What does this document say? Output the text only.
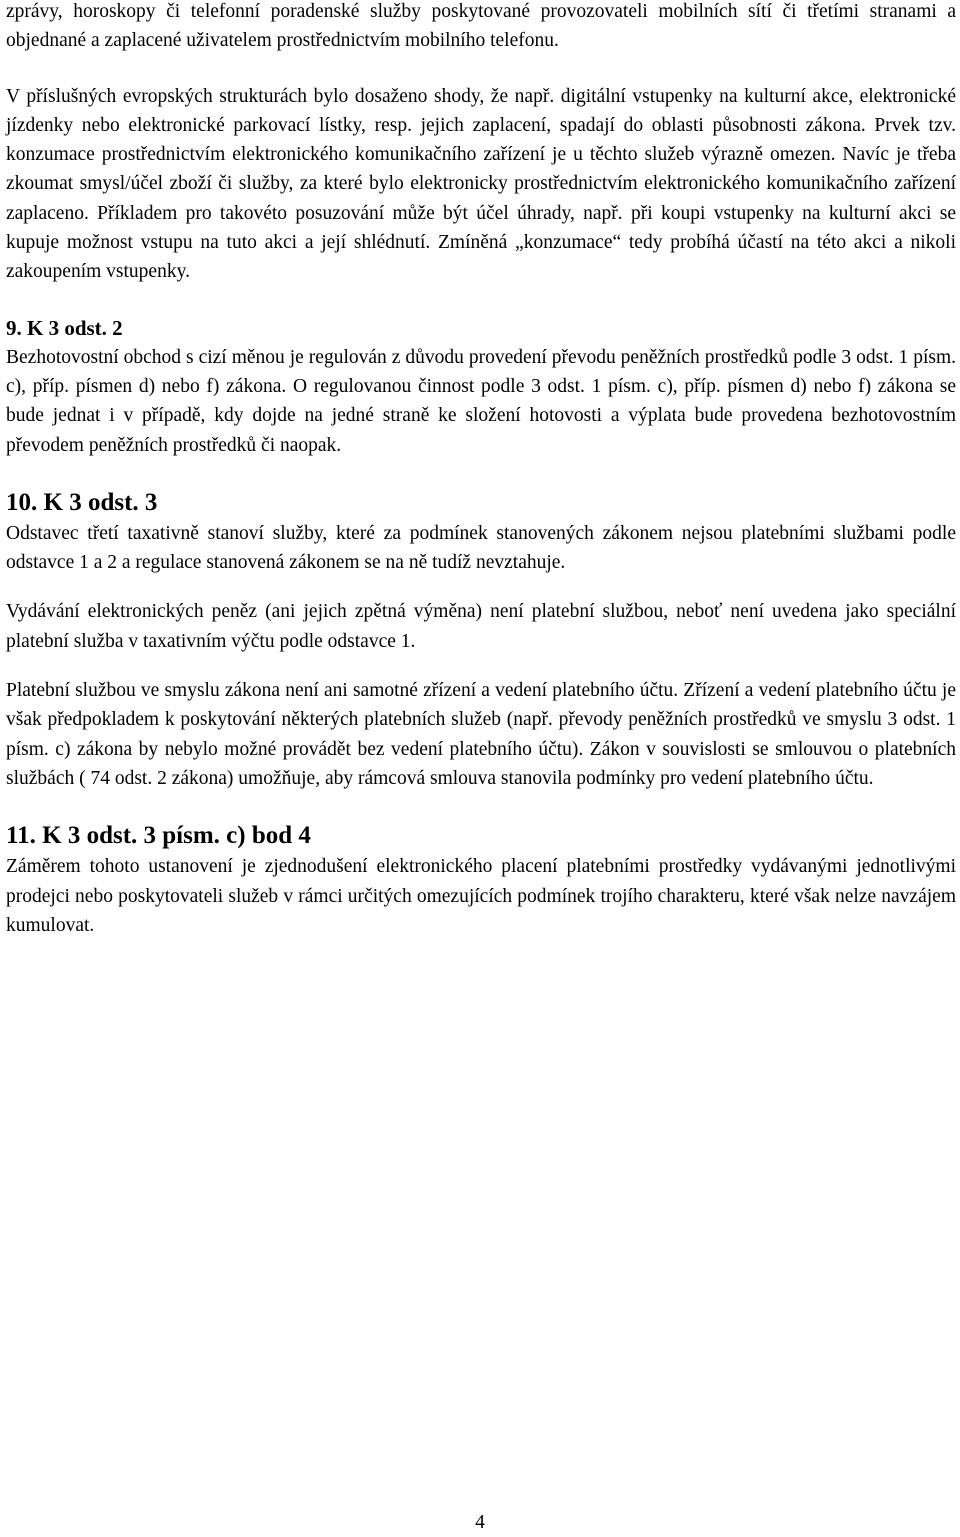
zprávy, horoskopy či telefonní poradenské služby poskytované provozovateli mobilních sítí či třetími stranami a objednané a zaplacené uživatelem prostřednictvím mobilního telefonu.

V příslušných evropských strukturách bylo dosaženo shody, že např. digitální vstupenky na kulturní akce, elektronické jízdenky nebo elektronické parkovací lístky, resp. jejich zaplacení, spadají do oblasti působnosti zákona. Prvek tzv. konzumace prostřednictvím elektronického komunikačního zařízení je u těchto služeb výrazně omezen. Navíc je třeba zkoumat smysl/účel zboží či služby, za které bylo elektronicky prostřednictvím elektronického komunikačního zařízení zaplaceno. Příkladem pro takovéto posuzování může být účel úhrady, např. při koupi vstupenky na kulturní akci se kupuje možnost vstupu na tuto akci a její shlédnutí. Zmíněná „konzumace“ tedy probíhá účastí na této akci a nikoli zakoupením vstupenky.

9. K 3 odst. 2

Bezhotovostní obchod s cizí měnou je regulován z důvodu provedení převodu peněžních prostředků podle 3 odst. 1 písm. c), příp. písmen d) nebo f) zákona. O regulovanou činnost podle 3 odst. 1 písm. c), příp. písmen d) nebo f) zákona se bude jednat i v případě, kdy dojde na jedné straně ke složení hotovosti a výplata bude provedena bezhotovostním převodem peněžních prostředků či naopak.

10. K 3 odst. 3

Odstavec třetí taxativně stanoví služby, které za podmínek stanovených zákonem nejsou platebními službami podle odstavce 1 a 2 a regulace stanovená zákonem se na ně tudíž nevztahuje.

Vydávání elektronických peněz (ani jejich zpětná výměna) není platební službou, neboť není uvedena jako speciální platební služba v taxativním výčtu podle odstavce 1.

Platební službou ve smyslu zákona není ani samotné zřízení a vedení platebního účtu. Zřízení a vedení platebního účtu je však předpokladem k poskytování některých platebních služeb (např. převody peněžních prostředků ve smyslu 3 odst. 1 písm. c) zákona by nebylo možné provádět bez vedení platebního účtu). Zákon v souvislosti se smlouvou o platebních službách ( 74 odst. 2 zákona) umožňuje, aby rámcová smlouva stanovila podmínky pro vedení platebního účtu.

11. K 3 odst. 3 písm. c) bod 4

Záměrem tohoto ustanovení je zjednodušení elektronického placení platebními prostředky vydávanými jednotlivými prodejci nebo poskytovateli služeb v rámci určitých omezujících podmínek trojího charakteru, které však nelze navzájem kumulovat.

4
